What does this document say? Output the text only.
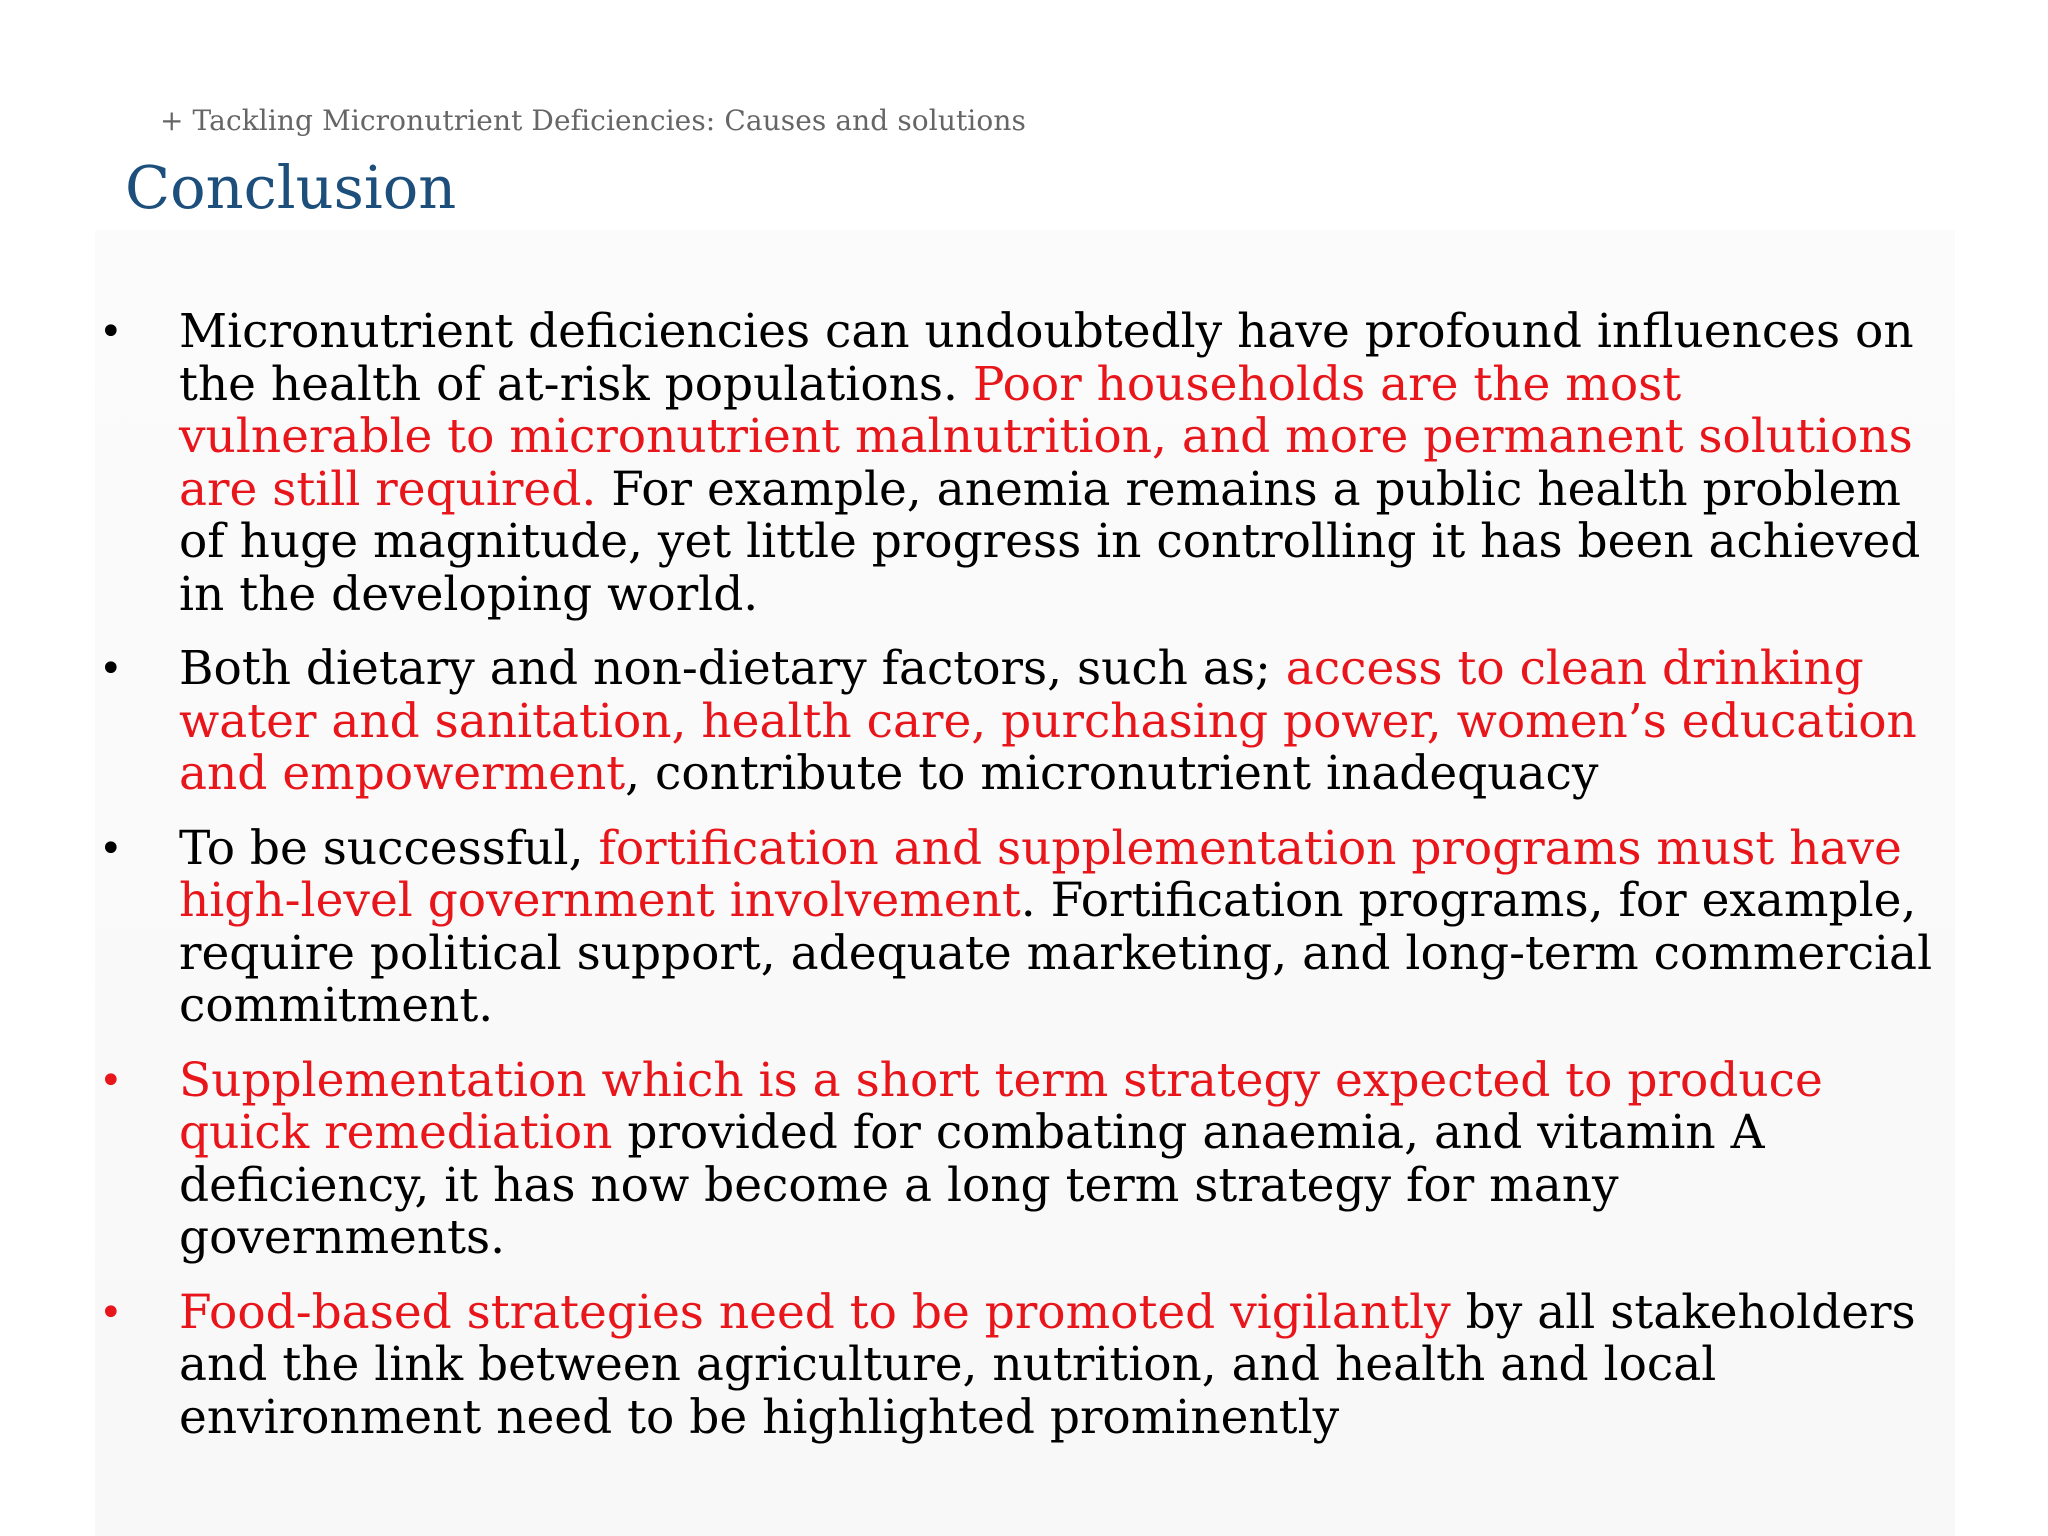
+ Tackling Micronutrient Deficiencies: Causes and solutions
Conclusion
• Micronutrient deficiencies can undoubtedly have profound influences on the health of at-risk populations. Poor households are the most vulnerable to micronutrient malnutrition, and more permanent solutions are still required. For example, anemia remains a public health problem of huge magnitude, yet little progress in controlling it has been achieved in the developing world.
• Both dietary and non-dietary factors, such as; access to clean drinking water and sanitation, health care, purchasing power, women’s education and empowerment, contribute to micronutrient inadequacy
• To be successful, fortification and supplementation programs must have high-level government involvement. Fortification programs, for example, require political support, adequate marketing, and long-term commercial commitment.
• Supplementation which is a short term strategy expected to produce quick remediation provided for combating anaemia, and vitamin A deficiency, it has now become a long term strategy for many governments.
• Food-based strategies need to be promoted vigilantly by all stakeholders and the link between agriculture, nutrition, and health and local environment need to be highlighted prominently
